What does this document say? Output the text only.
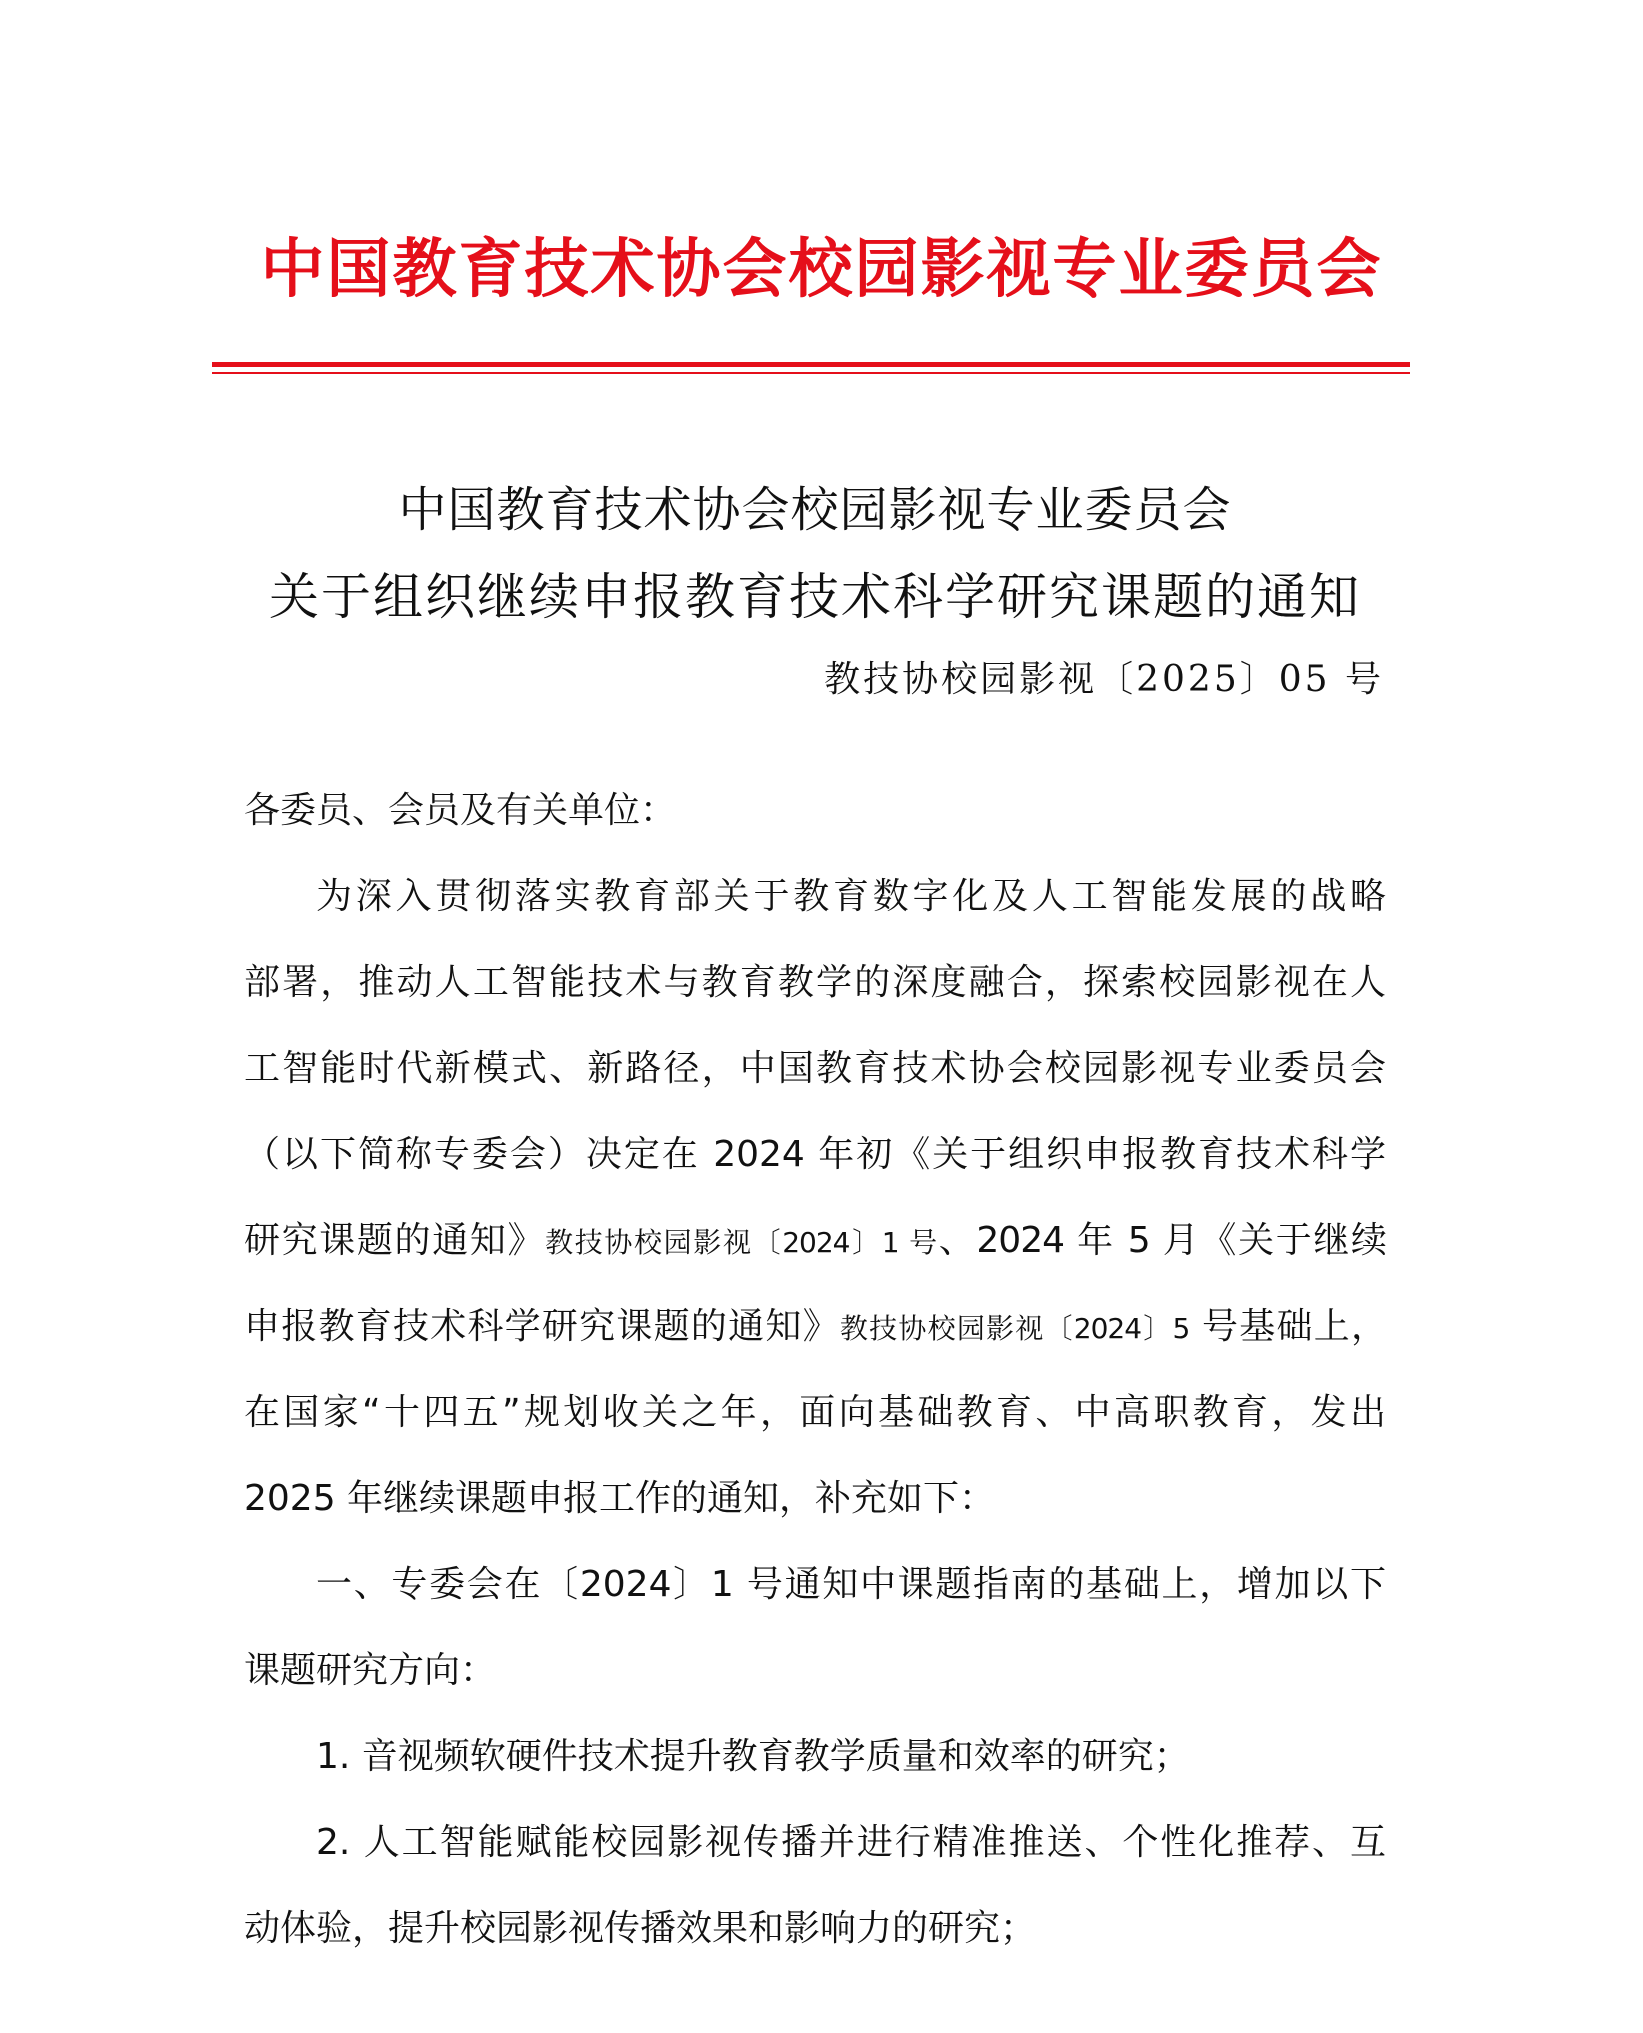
中国教育技术协会校园影视专业委员会
中国教育技术协会校园影视专业委员会
关于组织继续申报教育技术科学研究课题的通知
教技协校园影视〔2025〕05 号
各委员、会员及有关单位：
为深入贯彻落实教育部关于教育数字化及人工智能发展的战略
部署，推动人工智能技术与教育教学的深度融合，探索校园影视在人
工智能时代新模式、新路径，中国教育技术协会校园影视专业委员会
（以下简称专委会）决定在 2024 年初《关于组织申报教育技术科学
研究课题的通知》教技协校园影视〔2024〕1 号、2024 年 5 月《关于继续
申报教育技术科学研究课题的通知》教技协校园影视〔2024〕5 号基础上，
在国家“十四五”规划收关之年，面向基础教育、中高职教育，发出
2025 年继续课题申报工作的通知，补充如下：
一、专委会在〔2024〕1 号通知中课题指南的基础上，增加以下
课题研究方向：
1. 音视频软硬件技术提升教育教学质量和效率的研究；
2. 人工智能赋能校园影视传播并进行精准推送、个性化推荐、互
动体验，提升校园影视传播效果和影响力的研究；
